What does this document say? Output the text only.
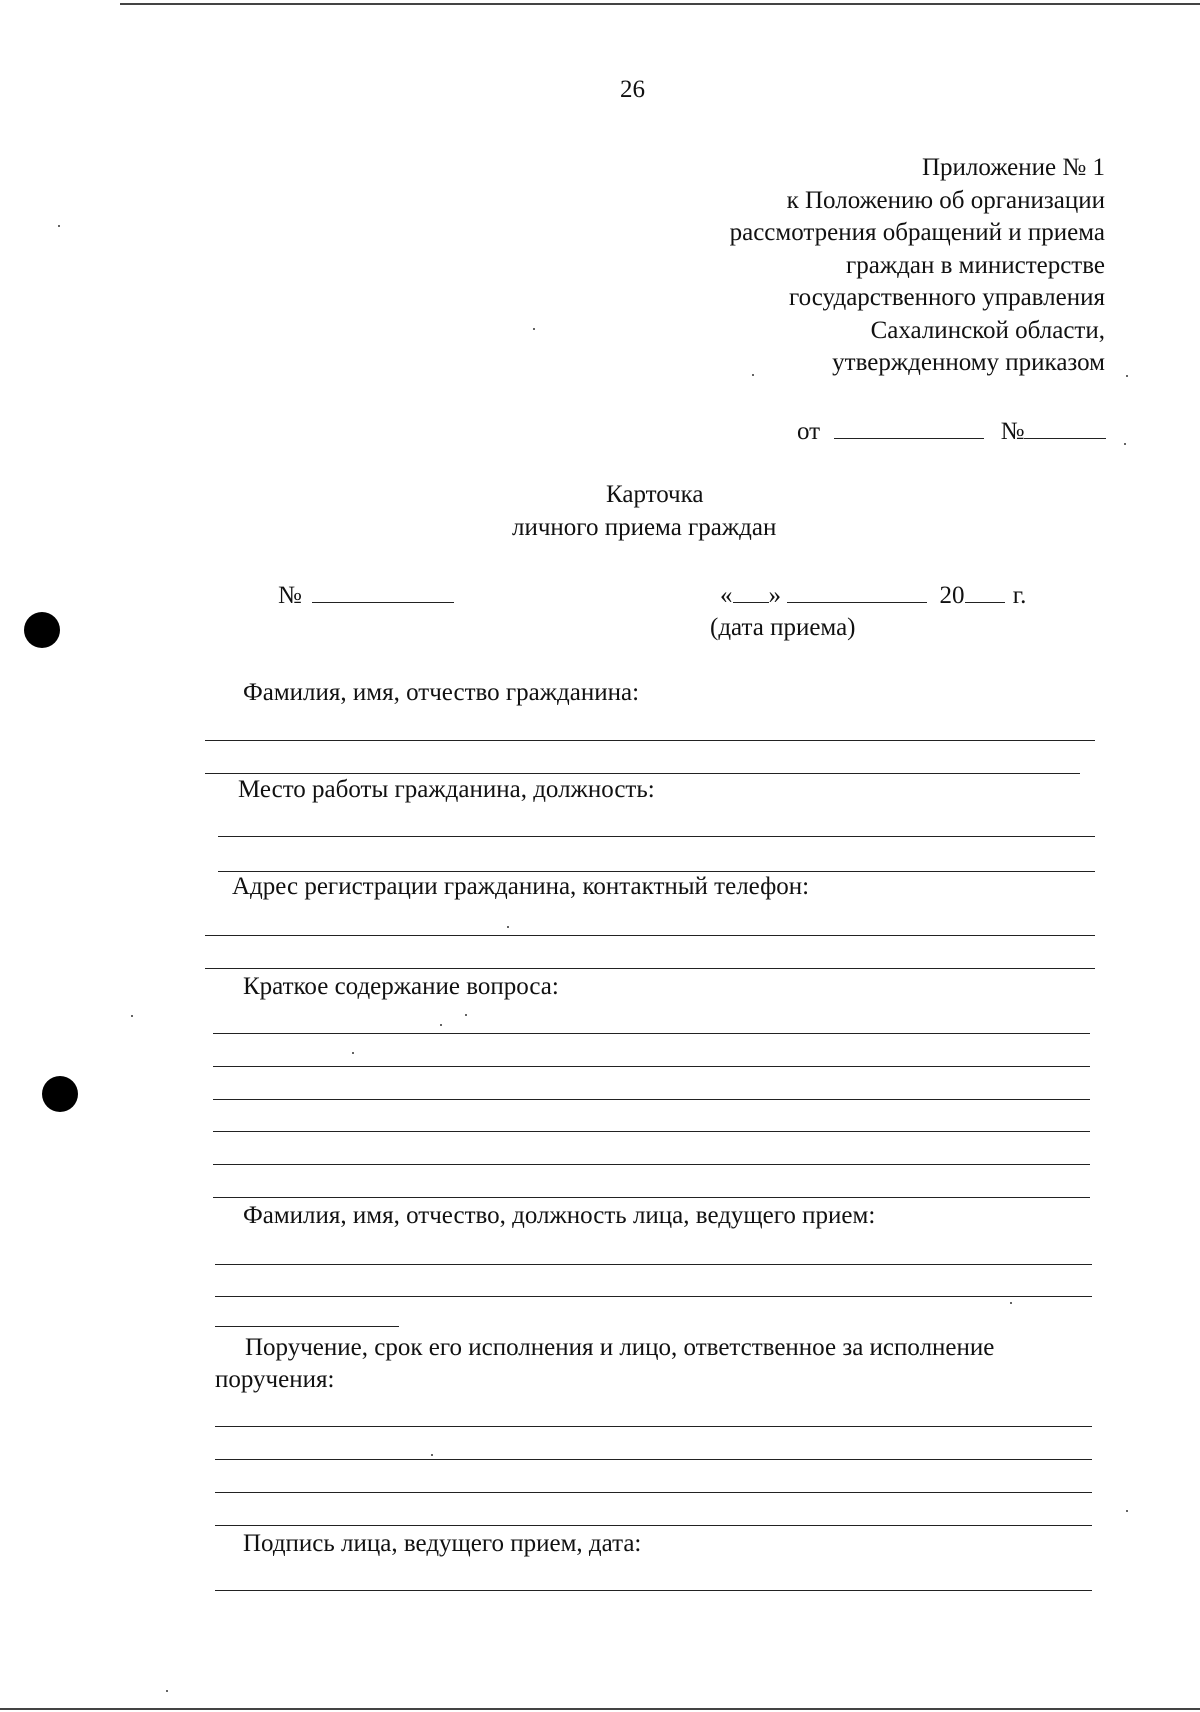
26
Приложение № 1
к Положению об организации
рассмотрения обращений и приема
граждан в министерстве
государственного управления
Сахалинской области,
утвержденному приказом
от	№
Карточка
личного приема граждан
№	« »	20 г.
(дата приема)
Фамилия, имя, отчество гражданина:
Место работы гражданина, должность:
Адрес регистрации гражданина, контактный телефон:
Краткое содержание вопроса:
Фамилия, имя, отчество, должность лица, ведущего прием:
Поручение, срок его исполнения и лицо, ответственное за исполнение
поручения:
Подпись лица, ведущего прием, дата:
